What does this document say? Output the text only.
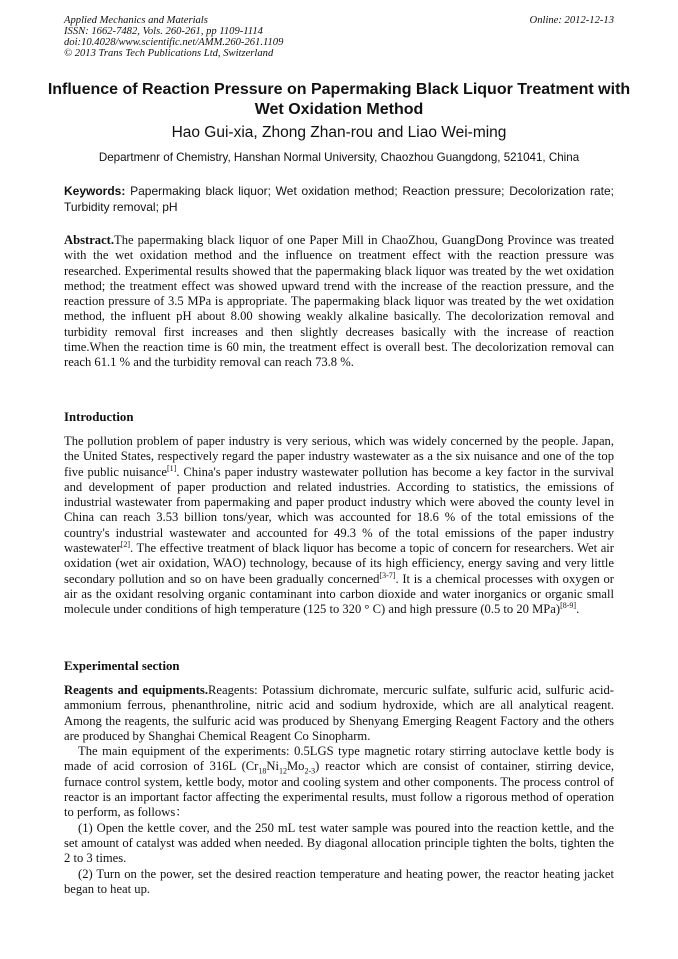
Applied Mechanics and Materials
ISSN: 1662-7482, Vols. 260-261, pp 1109-1114
doi:10.4028/www.scientific.net/AMM.260-261.1109
© 2013 Trans Tech Publications Ltd, Switzerland
Online: 2012-12-13
Influence of Reaction Pressure on Papermaking Black Liquor Treatment with Wet Oxidation Method
Hao Gui-xia, Zhong Zhan-rou and Liao Wei-ming
Departmenr of Chemistry, Hanshan Normal University, Chaozhou Guangdong, 521041, China
Keywords: Papermaking black liquor; Wet oxidation method; Reaction pressure; Decolorization rate; Turbidity removal; pH

Abstract.The papermaking black liquor of one Paper Mill in ChaoZhou, GuangDong Province was treated with the wet oxidation method and the influence on treatment effect with the reaction pressure was researched. Experimental results showed that the papermaking black liquor was treated by the wet oxidation method; the treatment effect was showed upward trend with the increase of the reaction pressure, and the reaction pressure of 3.5 MPa is appropriate. The papermaking black liquor was treated by the wet oxidation method, the influent pH about 8.00 showing weakly alkaline basically. The decolorization removal and turbidity removal first increases and then slightly decreases basically with the increase of reaction time.When the reaction time is 60 min, the treatment effect is overall best. The decolorization removal can reach 61.1 % and the turbidity removal can reach 73.8 %.

Introduction

The pollution problem of paper industry is very serious, which was widely concerned by the people. Japan, the United States, respectively regard the paper industry wastewater as a the six nuisance and one of the top five public nuisance[1]. China's paper industry wastewater pollution has become a key factor in the survival and development of paper production and related industries. According to statistics, the emissions of industrial wastewater from papermaking and paper product industry which were aboved the county level in China can reach 3.53 billion tons/year, which was accounted for 18.6 % of the total emissions of the country's industrial wastewater and accounted for 49.3 % of the total emissions of the paper industry wastewater[2]. The effective treatment of black liquor has become a topic of concern for researchers. Wet air oxidation (wet air oxidation, WAO) technology, because of its high efficiency, energy saving and very little secondary pollution and so on have been gradually concerned[3-7]. It is a chemical processes with oxygen or air as the oxidant resolving organic contaminant into carbon dioxide and water inorganics or organic small molecule under conditions of high temperature (125 to 320 ° C) and high pressure (0.5 to 20 MPa)[8-9].

Experimental section

Reagents and equipments.Reagents: Potassium dichromate, mercuric sulfate, sulfuric acid, sulfuric acid-ammonium ferrous, phenanthroline, nitric acid and sodium hydroxide, which are all analytical reagent. Among the reagents, the sulfuric acid was produced by Shenyang Emerging Reagent Factory and the others are produced by Shanghai Chemical Reagent Co Sinopharm.

The main equipment of the experiments: 0.5LGS type magnetic rotary stirring autoclave kettle body is made of acid corrosion of 316L $(Cr_{18}Ni_{12}Mo_{2-3})$ reactor which are consist of container, stirring device, furnace control system, kettle body, motor and cooling system and other components. The process control of reactor is an important factor affecting the experimental results, must follow a rigorous method of operation to perform, as follows：

(1) Open the kettle cover, and the 250 mL test water sample was poured into the reaction kettle, and the set amount of catalyst was added when needed. By diagonal allocation principle tighten the bolts, tighten the 2 to 3 times.

(2) Turn on the power, set the desired reaction temperature and heating power, the reactor heating jacket began to heat up.
